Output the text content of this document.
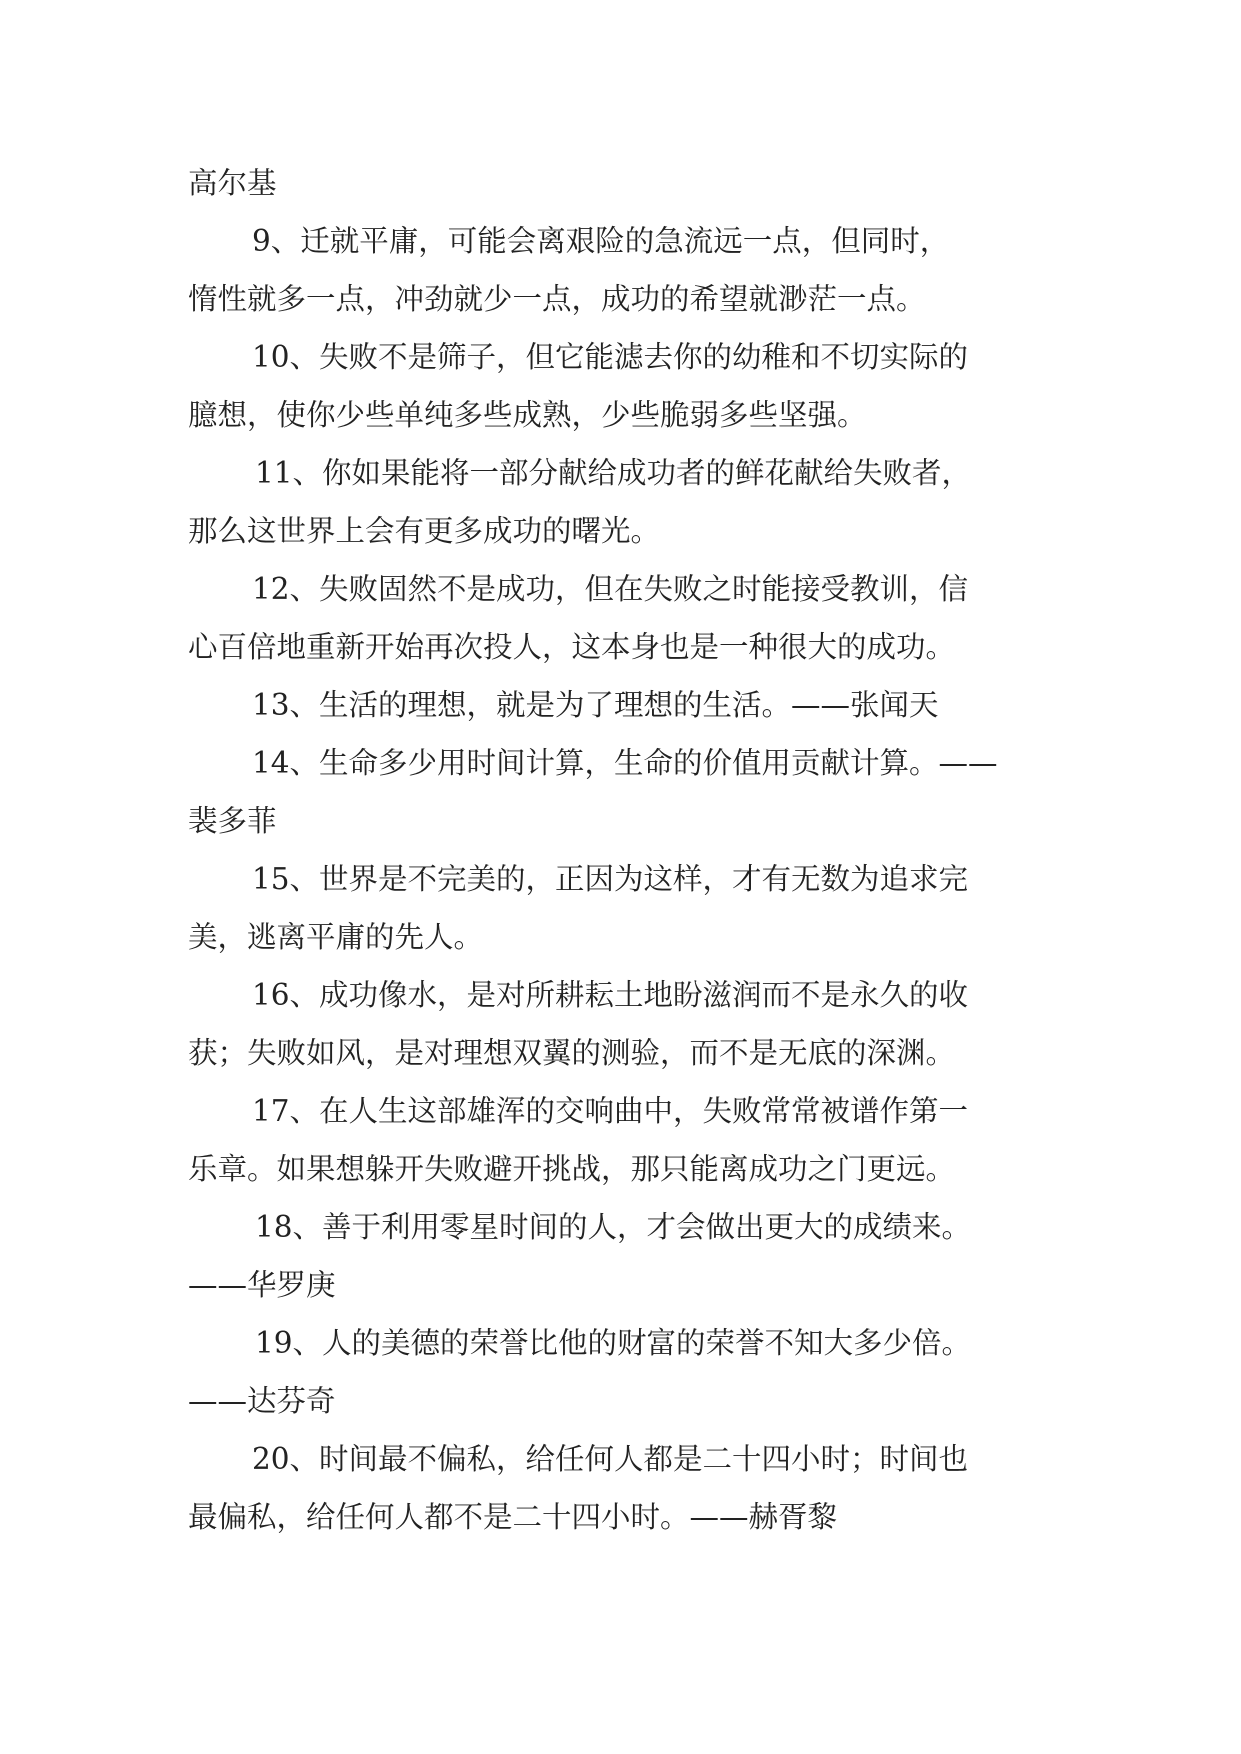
高尔基
9、迁就平庸，可能会离艰险的急流远一点，但同时，
惰性就多一点，冲劲就少一点，成功的希望就渺茫一点。
10、失败不是筛子，但它能滤去你的幼稚和不切实际的
臆想，使你少些单纯多些成熟，少些脆弱多些坚强。
11、你如果能将一部分献给成功者的鲜花献给失败者，
那么这世界上会有更多成功的曙光。
12、失败固然不是成功，但在失败之时能接受教训，信
心百倍地重新开始再次投人，这本身也是一种很大的成功。
13、生活的理想，就是为了理想的生活。——张闻天
14、生命多少用时间计算，生命的价值用贡献计算。——
裴多菲
15、世界是不完美的，正因为这样，才有无数为追求完
美，逃离平庸的先人。
16、成功像水，是对所耕耘土地盼滋润而不是永久的收
获；失败如风，是对理想双翼的测验，而不是无底的深渊。
17、在人生这部雄浑的交响曲中，失败常常被谱作第一
乐章。如果想躲开失败避开挑战，那只能离成功之门更远。
18、善于利用零星时间的人，才会做出更大的成绩来。
——华罗庚
19、人的美德的荣誉比他的财富的荣誉不知大多少倍。
——达芬奇
20、时间最不偏私，给任何人都是二十四小时；时间也
最偏私，给任何人都不是二十四小时。——赫胥黎
